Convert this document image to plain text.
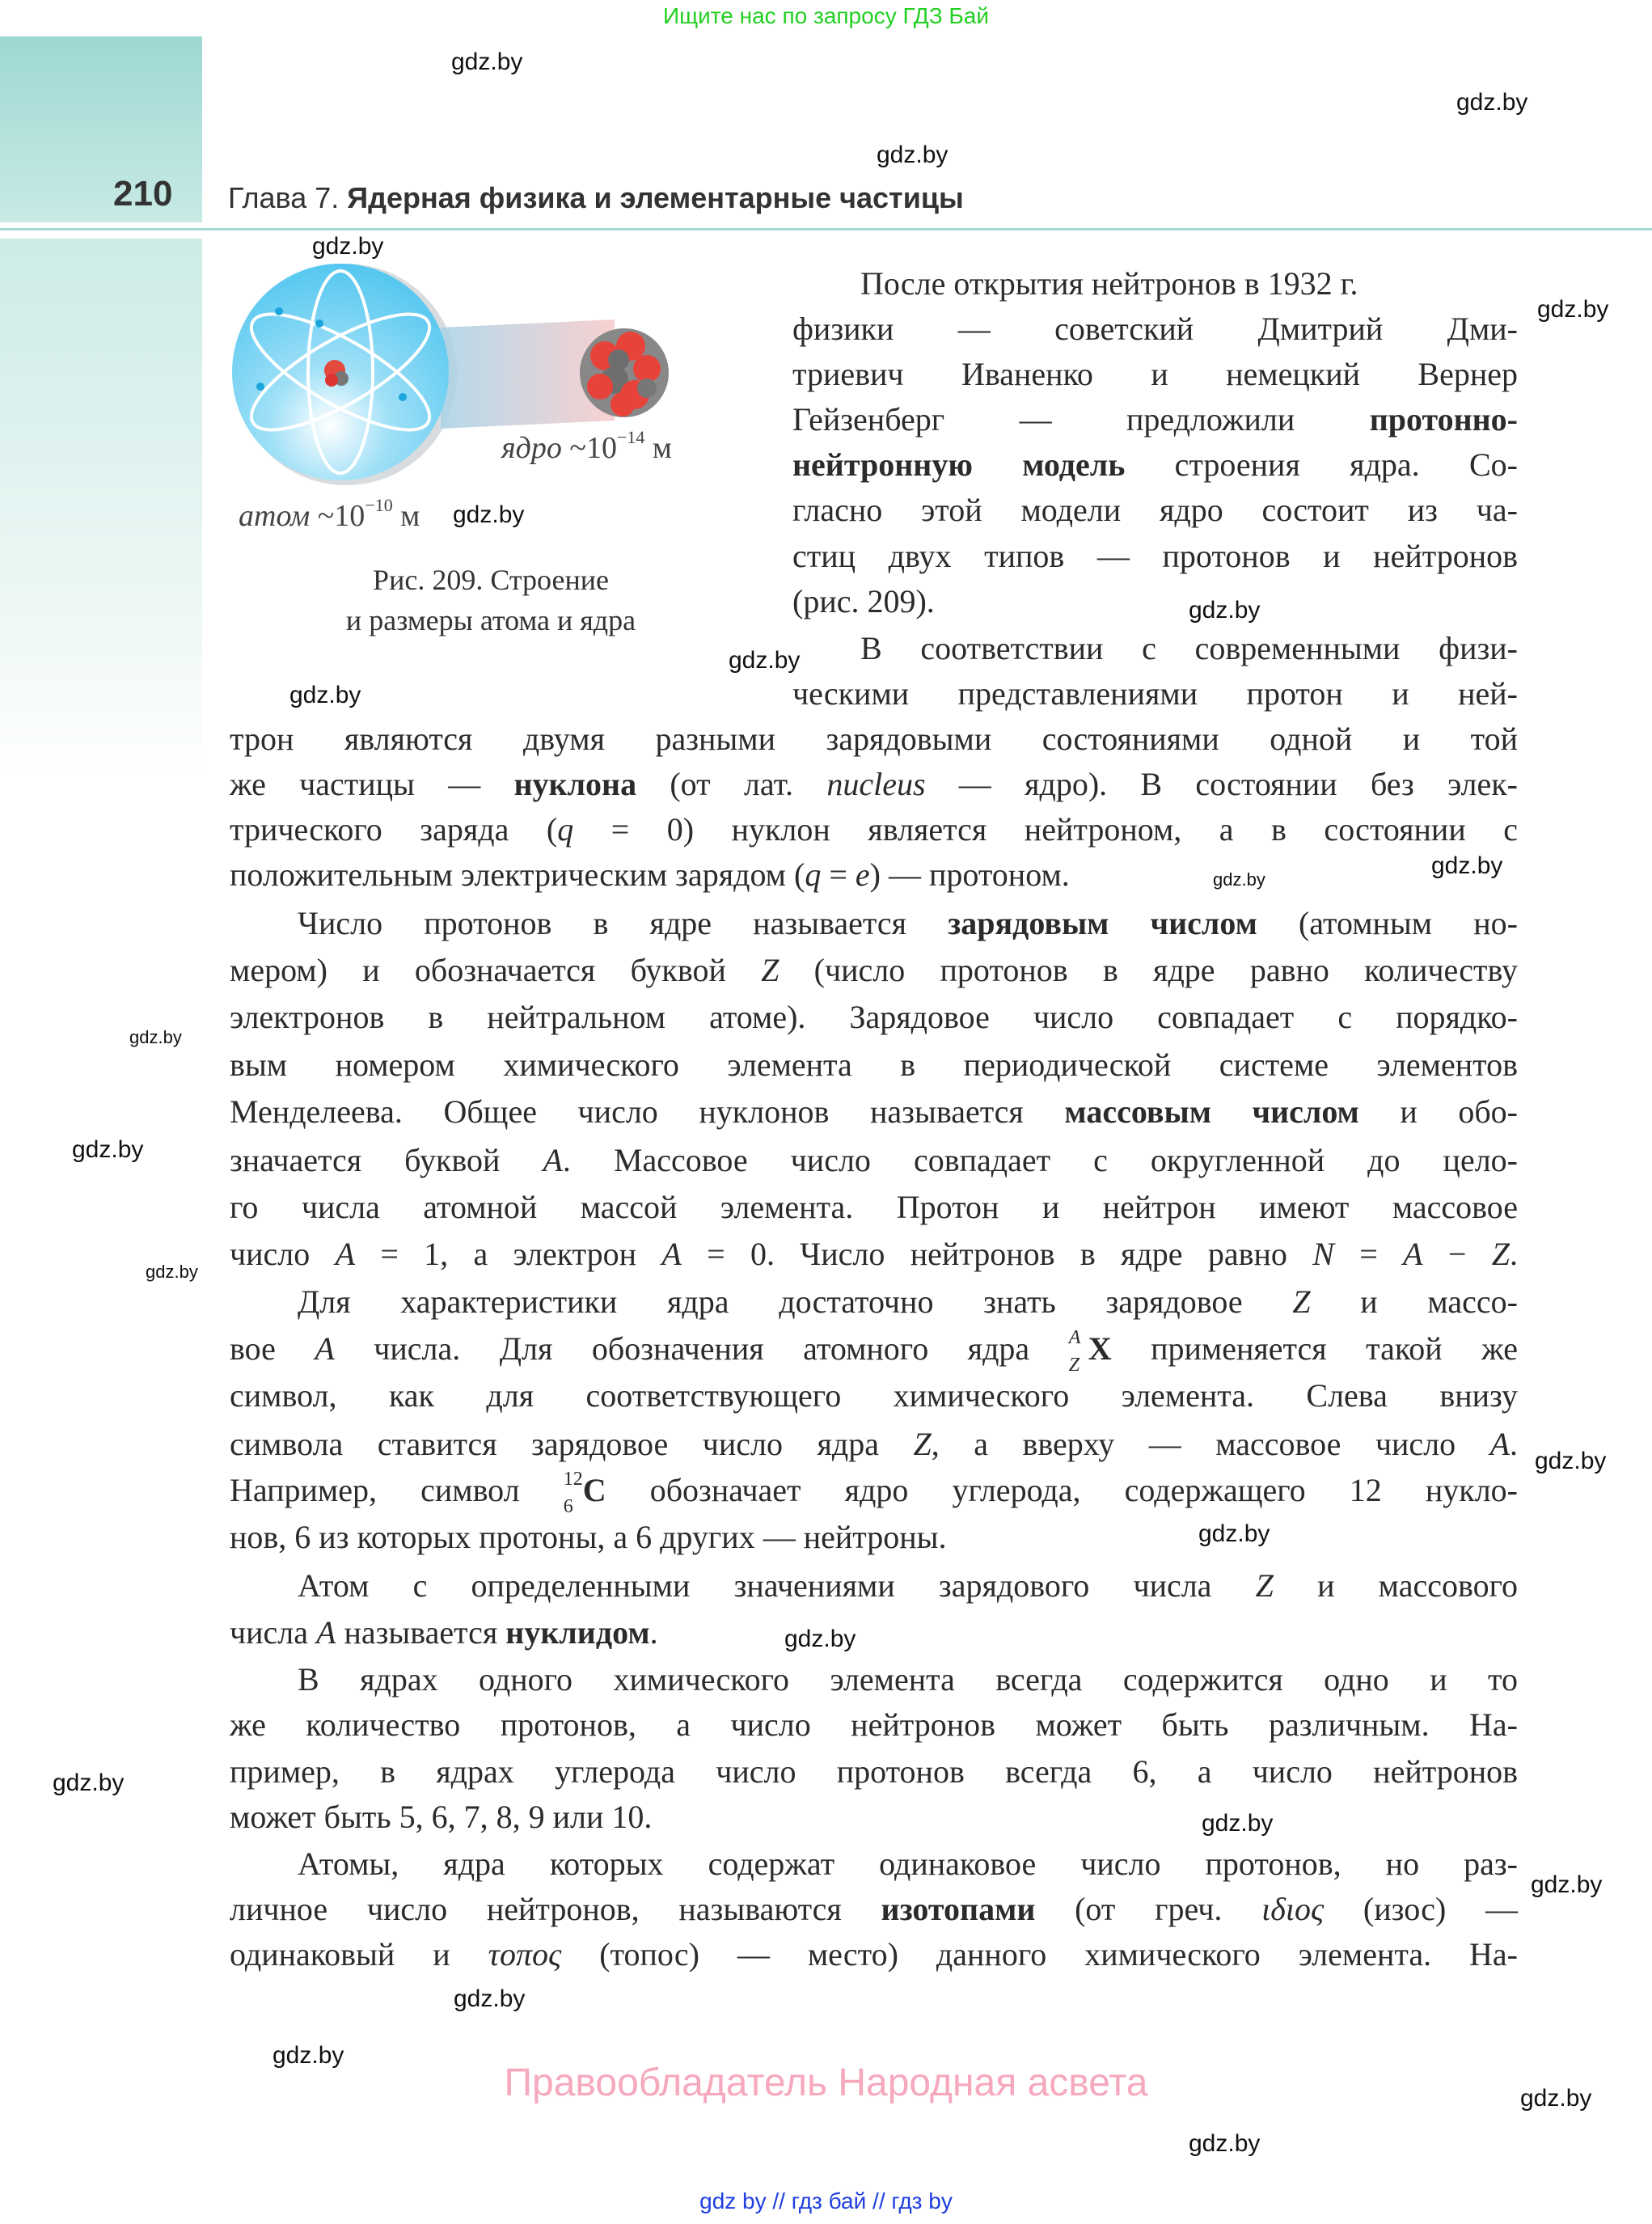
Ищите нас по запросу ГДЗ Бай
210 Глава 7. Ядерная физика и элементарные частицы
ядро $\sim 10^{-14}$ м
атом $\sim 10^{-10}$ м
Рис. 209. Строение
и размеры атома и ядра
После открытия нейтронов в 1932 г.
физики — советский Дмитрий Дми-
триевич Иваненко и немецкий Вернер
Гейзенберг — предложили протонно-
нейтронную модель строения ядра. Со-
гласно этой модели ядро состоит из ча-
стиц двух типов — протонов и нейтронов
(рис. 209).
В соответствии с современными физи-
ческими представлениями протон и ней-
трон являются двумя разными зарядовыми состояниями одной и той
же частицы — нуклона (от лат. nucleus — ядро). В состоянии без элек-
трического заряда (q = 0) нуклон является нейтроном, а в состоянии с
положительным электрическим зарядом (q = e) — протоном.
Число протонов в ядре называется зарядовым числом (атомным но-
мером) и обозначается буквой Z (число протонов в ядре равно количеству
электронов в нейтральном атоме). Зарядовое число совпадает с порядко-
вым номером химического элемента в периодической системе элементов
Менделеева. Общее число нуклонов называется массовым числом и обо-
значается буквой A. Массовое число совпадает с округленной до цело-
го числа атомной массой элемента. Протон и нейтрон имеют массовое
число A = 1, а электрон A = 0. Число нейтронов в ядре равно N = A − Z.
Для характеристики ядра достаточно знать зарядовое Z и массо-
вое A числа. Для обозначения атомного ядра A
Z X применяется такой же
символ, как для соответствующего химического элемента. Слева внизу
символа ставится зарядовое число ядра Z, а вверху — массовое число A.
Например, символ 12
6 C обозначает ядро углерода, содержащего 12 нукло-
нов, 6 из которых протоны, а 6 других — нейтроны.
Атом с определенными значениями зарядового числа Z и массового
числа A называется нуклидом.
В ядрах одного химического элемента всегда содержится одно и то
же количество протонов, а число нейтронов может быть различным. На-
пример, в ядрах углерода число протонов всегда 6, а число нейтронов
может быть 5, 6, 7, 8, 9 или 10.
Атомы, ядра которых содержат одинаковое число протонов, но раз-
личное число нейтронов, называются изотопами (от греч. ιδιος (изос) —
одинаковый и τοπος (топос) — место) данного химического элемента. На-
gdz.by
gdz.by
gdz.by
gdz.by
gdz.by
gdz.by
gdz.by
gdz.by
gdz.by
gdz.by
gdz.by
gdz.by
gdz.by
gdz.by
gdz.by
gdz.by
gdz.by
gdz.by
gdz.by
gdz.by
gdz.by
gdz.by
gdz.by
gdz.by
Правообладатель Народная асвета
gdz by // гдз бай // гдз by
